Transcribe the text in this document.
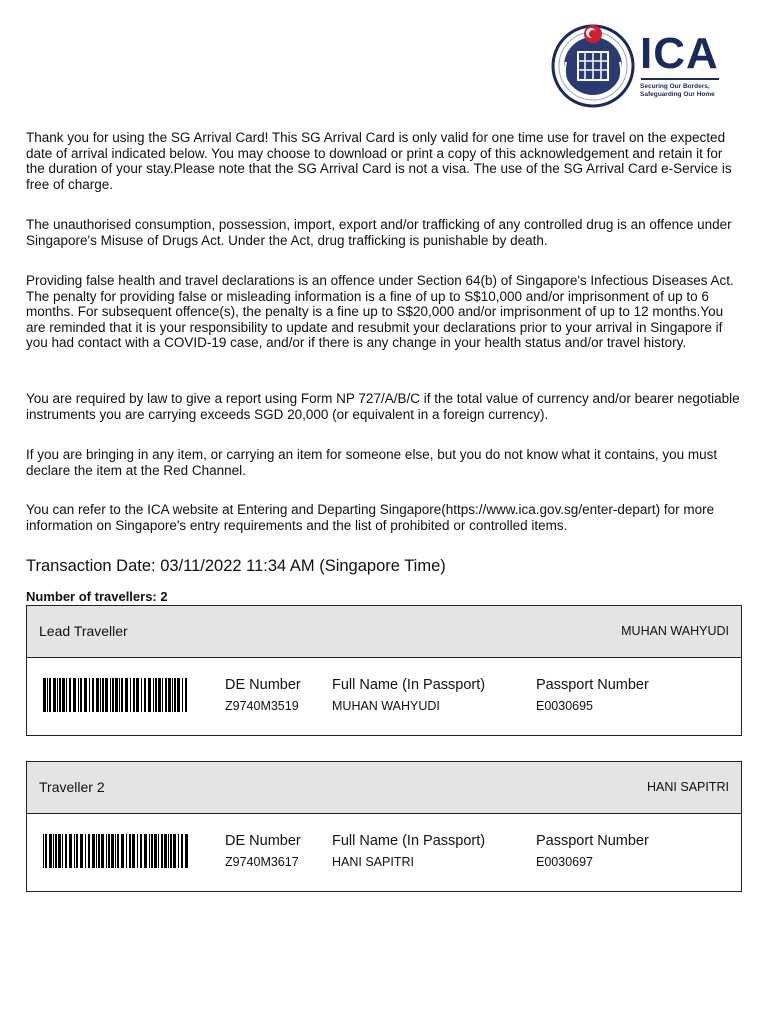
ICA
Securing Our Borders,
Safeguarding Our Home

Thank you for using the SG Arrival Card! This SG Arrival Card is only valid for one time use for travel on the expected date of arrival indicated below. You may choose to download or print a copy of this acknowledgement and retain it for the duration of your stay.Please note that the SG Arrival Card is not a visa. The use of the SG Arrival Card e-Service is free of charge.

The unauthorised consumption, possession, import, export and/or trafficking of any controlled drug is an offence under Singapore's Misuse of Drugs Act. Under the Act, drug trafficking is punishable by death.

Providing false health and travel declarations is an offence under Section 64(b) of Singapore's Infectious Diseases Act. The penalty for providing false or misleading information is a fine of up to S$10,000 and/or imprisonment of up to 6 months. For subsequent offence(s), the penalty is a fine up to S$20,000 and/or imprisonment of up to 12 months.You are reminded that it is your responsibility to update and resubmit your declarations prior to your arrival in Singapore if you had contact with a COVID-19 case, and/or if there is any change in your health status and/or travel history.

You are required by law to give a report using Form NP 727/A/B/C if the total value of currency and/or bearer negotiable instruments you are carrying exceeds SGD 20,000 (or equivalent in a foreign currency).

If you are bringing in any item, or carrying an item for someone else, but you do not know what it contains, you must declare the item at the Red Channel.

You can refer to the ICA website at Entering and Departing Singapore(https://www.ica.gov.sg/enter-depart) for more information on Singapore's entry requirements and the list of prohibited or controlled items.

Transaction Date: 03/11/2022 11:34 AM (Singapore Time)
Number of travellers: 2
Lead Traveller	MUHAN WAHYUDI
DE Number
Z9740M3519
Full Name (In Passport)
MUHAN WAHYUDI
Passport Number
E0030695
Traveller 2	HANI SAPITRI
DE Number
Z9740M3617
Full Name (In Passport)
HANI SAPITRI
Passport Number
E0030697
